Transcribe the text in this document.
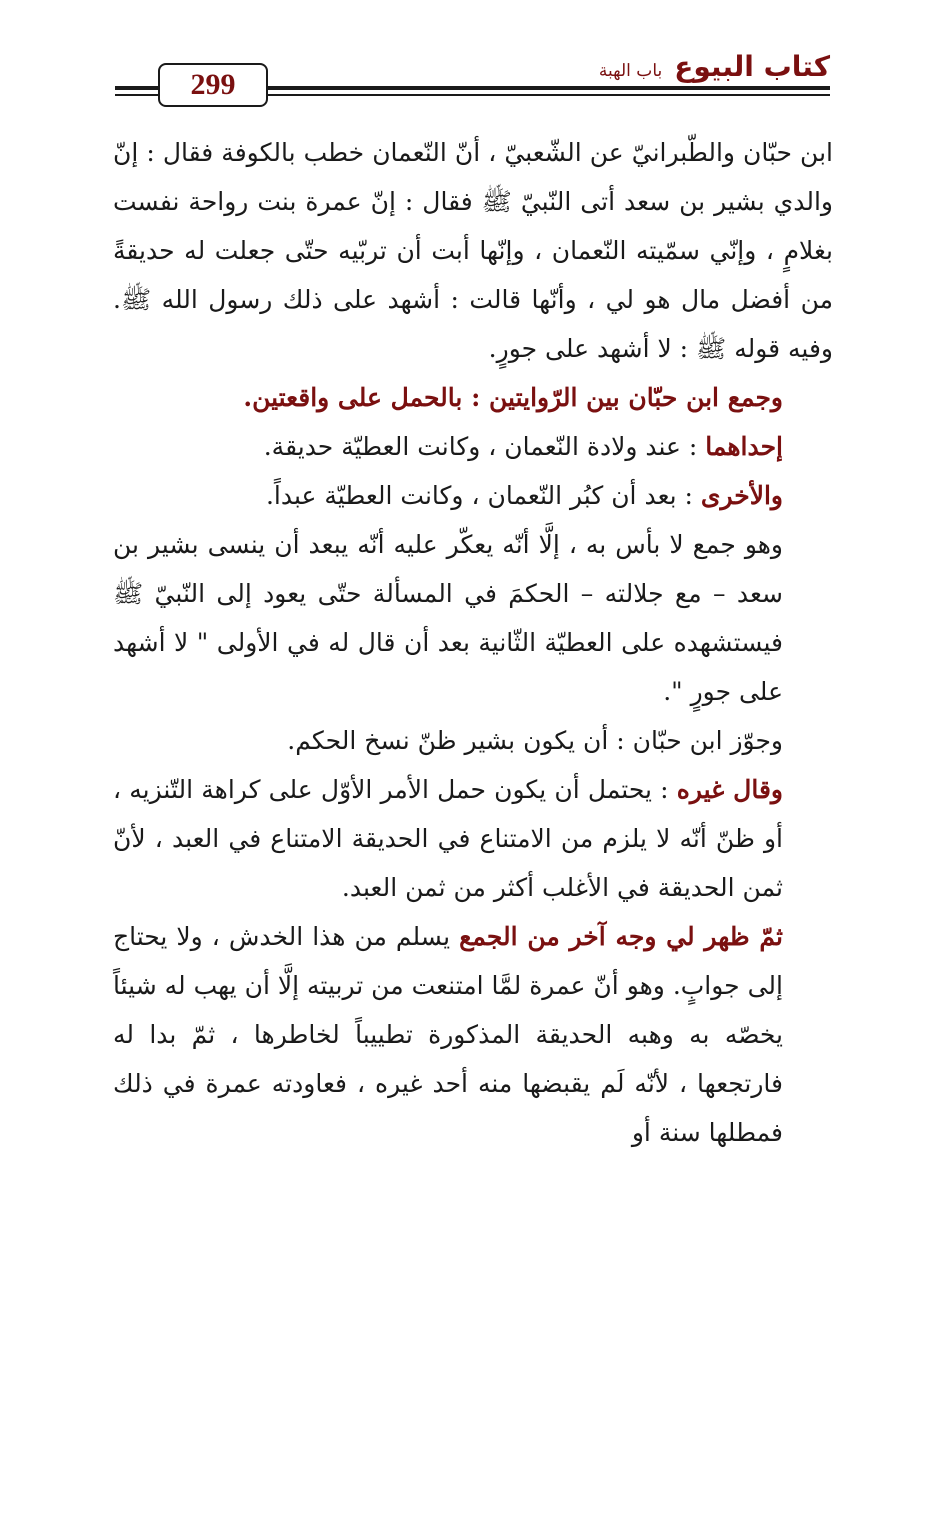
299
كتاب البيوع
باب الهبة

ابن حبّان والطّبرانيّ عن الشّعبيّ ، أنّ النّعمان خطب بالكوفة فقال : إنّ والدي بشير بن سعد أتى النّبيّ ﷺ فقال : إنّ عمرة بنت رواحة نفست بغلامٍ ، وإنّي سمّيته النّعمان ، وإنّها أبت أن تربّيه حتّى جعلت له حديقةً من أفضل مال هو لي ، وأنّها قالت : أشهد على ذلك رسول الله ﷺ. وفيه قوله ﷺ : لا أشهد على جورٍ.

وجمع ابن حبّان بين الرّوايتين : بالحمل على واقعتين.

إحداهما : عند ولادة النّعمان ، وكانت العطيّة حديقة.

والأخرى : بعد أن كبُر النّعمان ، وكانت العطيّة عبداً.

وهو جمع لا بأس به ، إلَّا أنّه يعكّر عليه أنّه يبعد أن ينسى بشير بن سعد – مع جلالته – الحكمَ في المسألة حتّى يعود إلى النّبيّ ﷺ فيستشهده على العطيّة الثّانية بعد أن قال له في الأولى " لا أشهد على جورٍ ".

وجوّز ابن حبّان : أن يكون بشير ظنّ نسخ الحكم.

وقال غيره : يحتمل أن يكون حمل الأمر الأوّل على كراهة التّنزيه ، أو ظنّ أنّه لا يلزم من الامتناع في الحديقة الامتناع في العبد ، لأنّ ثمن الحديقة في الأغلب أكثر من ثمن العبد.

ثمّ ظهر لي وجه آخر من الجمع يسلم من هذا الخدش ، ولا يحتاج إلى جوابٍ. وهو أنّ عمرة لمَّا امتنعت من تربيته إلَّا أن يهب له شيئاً يخصّه به وهبه الحديقة المذكورة تطييباً لخاطرها ، ثمّ بدا له فارتجعها ، لأنّه لَم يقبضها منه أحد غيره ، فعاودته عمرة في ذلك فمطلها سنة أو
